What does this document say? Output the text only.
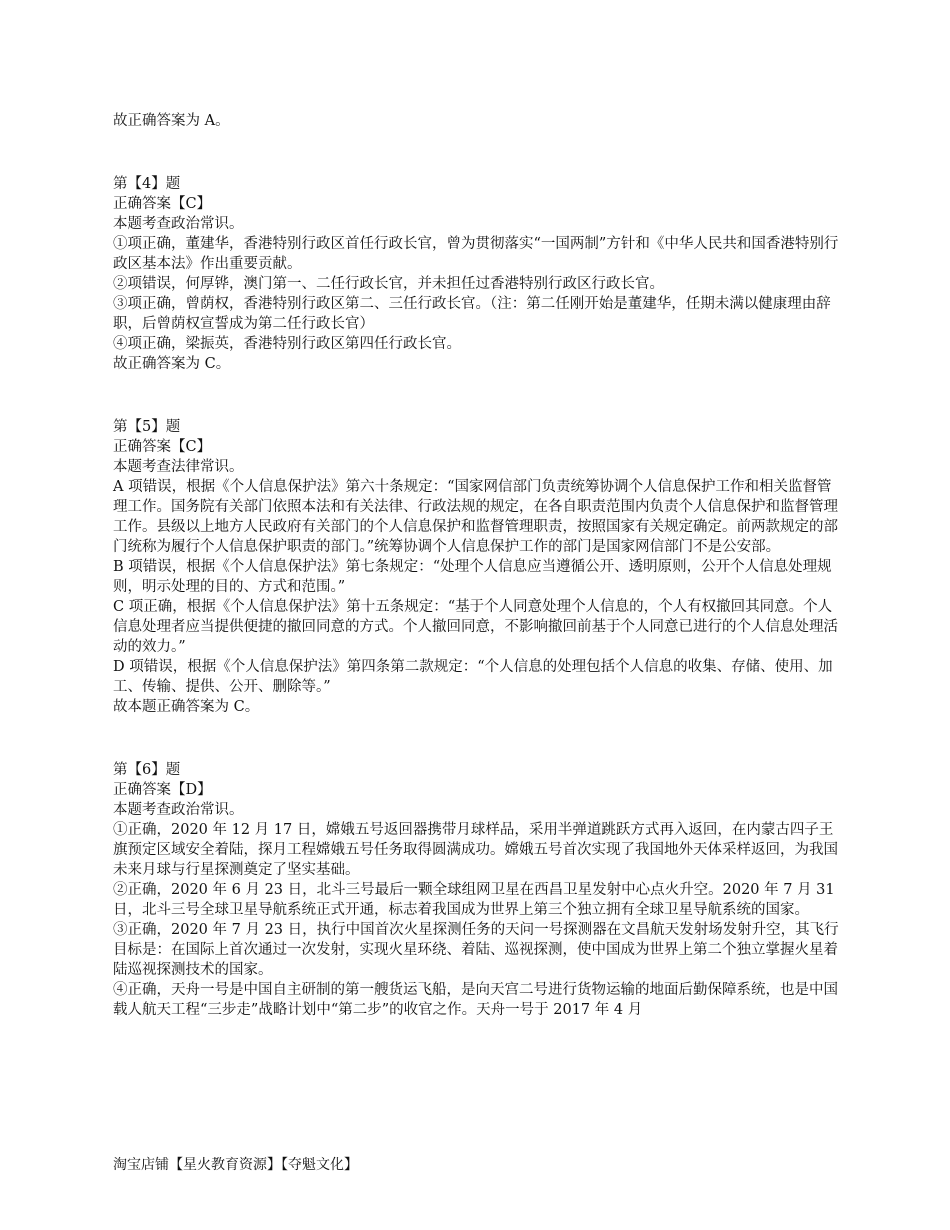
故正确答案为 A。

第【4】题

正确答案【C】

本题考查政治常识。

①项正确，董建华，香港特别行政区首任行政长官，曾为贯彻落实“一国两制”方针和《中华人民共和国香港特别行政区基本法》作出重要贡献。

②项错误，何厚铧，澳门第一、二任行政长官，并未担任过香港特别行政区行政长官。

③项正确，曾荫权，香港特别行政区第二、三任行政长官。（注：第二任刚开始是董建华，任期未满以健康理由辞职，后曾荫权宣誓成为第二任行政长官）

④项正确，梁振英，香港特别行政区第四任行政长官。

故正确答案为 C。

第【5】题

正确答案【C】

本题考查法律常识。

A 项错误，根据《个人信息保护法》第六十条规定：“国家网信部门负责统筹协调个人信息保护工作和相关监督管理工作。国务院有关部门依照本法和有关法律、行政法规的规定，在各自职责范围内负责个人信息保护和监督管理工作。县级以上地方人民政府有关部门的个人信息保护和监督管理职责，按照国家有关规定确定。前两款规定的部门统称为履行个人信息保护职责的部门。”统筹协调个人信息保护工作的部门是国家网信部门不是公安部。

B 项错误，根据《个人信息保护法》第七条规定：“处理个人信息应当遵循公开、透明原则，公开个人信息处理规则，明示处理的目的、方式和范围。”

C 项正确，根据《个人信息保护法》第十五条规定：“基于个人同意处理个人信息的，个人有权撤回其同意。个人信息处理者应当提供便捷的撤回同意的方式。个人撤回同意，不影响撤回前基于个人同意已进行的个人信息处理活动的效力。”

D 项错误，根据《个人信息保护法》第四条第二款规定：“个人信息的处理包括个人信息的收集、存储、使用、加工、传输、提供、公开、删除等。”

故本题正确答案为 C。

第【6】题

正确答案【D】

本题考查政治常识。

①正确，2020 年 12 月 17 日，嫦娥五号返回器携带月球样品，采用半弹道跳跃方式再入返回，在内蒙古四子王旗预定区域安全着陆，探月工程嫦娥五号任务取得圆满成功。嫦娥五号首次实现了我国地外天体采样返回，为我国未来月球与行星探测奠定了坚实基础。

②正确，2020 年 6 月 23 日，北斗三号最后一颗全球组网卫星在西昌卫星发射中心点火升空。2020 年 7 月 31 日，北斗三号全球卫星导航系统正式开通，标志着我国成为世界上第三个独立拥有全球卫星导航系统的国家。

③正确，2020 年 7 月 23 日，执行中国首次火星探测任务的天问一号探测器在文昌航天发射场发射升空，其飞行目标是：在国际上首次通过一次发射，实现火星环绕、着陆、巡视探测，使中国成为世界上第二个独立掌握火星着陆巡视探测技术的国家。

④正确，天舟一号是中国自主研制的第一艘货运飞船，是向天宫二号进行货物运输的地面后勤保障系统，也是中国载人航天工程“三步走”战略计划中“第二步”的收官之作。天舟一号于 2017 年 4 月

淘宝店铺【星火教育资源】【夺魁文化】
